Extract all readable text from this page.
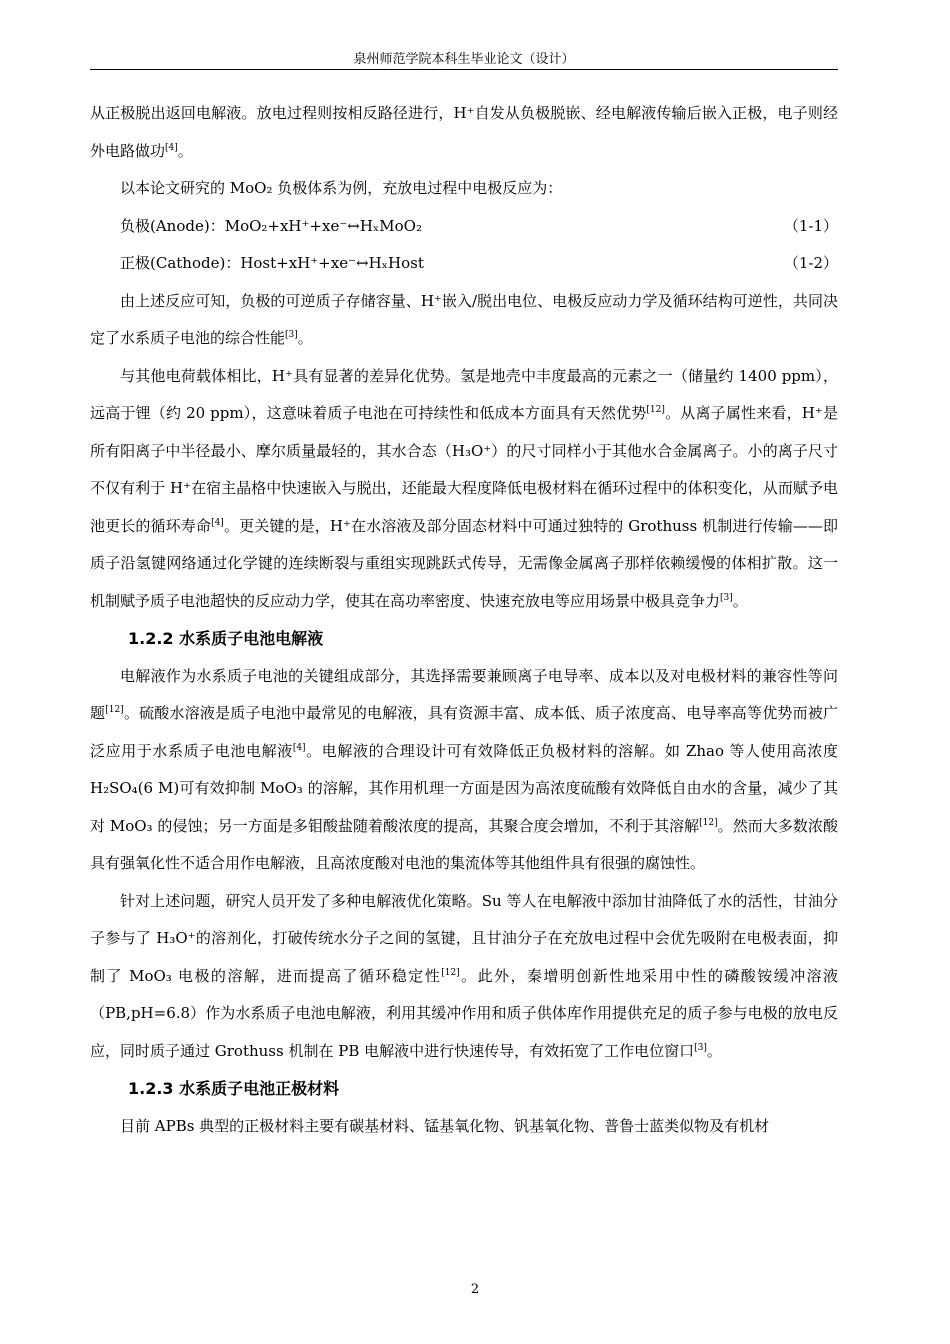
泉州师范学院本科生毕业论文（设计）

从正极脱出返回电解液。放电过程则按相反路径进行，H⁺自发从负极脱嵌、经电解液传输后嵌入正极，电子则经外电路做功[4]。

以本论文研究的 MoO₂ 负极体系为例，充放电过程中电极反应为：

负极(Anode)：MoO₂+xH⁺+xe⁻↔HₓMoO₂	（1-1）
正极(Cathode)：Host+xH⁺+xe⁻↔HₓHost	（1-2）

由上述反应可知，负极的可逆质子存储容量、H⁺嵌入/脱出电位、电极反应动力学及循环结构可逆性，共同决定了水系质子电池的综合性能[3]。

与其他电荷载体相比，H⁺具有显著的差异化优势。氢是地壳中丰度最高的元素之一（储量约 1400 ppm），远高于锂（约 20 ppm），这意味着质子电池在可持续性和低成本方面具有天然优势[12]。从离子属性来看，H⁺是所有阳离子中半径最小、摩尔质量最轻的，其水合态（H₃O⁺）的尺寸同样小于其他水合金属离子。小的离子尺寸不仅有利于 H⁺在宿主晶格中快速嵌入与脱出，还能最大程度降低电极材料在循环过程中的体积变化，从而赋予电池更长的循环寿命[4]。更关键的是，H⁺在水溶液及部分固态材料中可通过独特的 Grothuss 机制进行传输——即质子沿氢键网络通过化学键的连续断裂与重组实现跳跃式传导，无需像金属离子那样依赖缓慢的体相扩散。这一机制赋予质子电池超快的反应动力学，使其在高功率密度、快速充放电等应用场景中极具竞争力[3]。

1.2.2 水系质子电池电解液

电解液作为水系质子电池的关键组成部分，其选择需要兼顾离子电导率、成本以及对电极材料的兼容性等问题[12]。硫酸水溶液是质子电池中最常见的电解液，具有资源丰富、成本低、质子浓度高、电导率高等优势而被广泛应用于水系质子电池电解液[4]。电解液的合理设计可有效降低正负极材料的溶解。如 Zhao 等人使用高浓度 H₂SO₄(6 M)可有效抑制 MoO₃ 的溶解，其作用机理一方面是因为高浓度硫酸有效降低自由水的含量，减少了其对 MoO₃ 的侵蚀；另一方面是多钼酸盐随着酸浓度的提高，其聚合度会增加，不利于其溶解[12]。然而大多数浓酸具有强氧化性不适合用作电解液，且高浓度酸对电池的集流体等其他组件具有很强的腐蚀性。

针对上述问题，研究人员开发了多种电解液优化策略。Su 等人在电解液中添加甘油降低了水的活性，甘油分子参与了 H₃O⁺的溶剂化，打破传统水分子之间的氢键，且甘油分子在充放电过程中会优先吸附在电极表面，抑制了 MoO₃ 电极的溶解，进而提高了循环稳定性[12]。此外，秦增明创新性地采用中性的磷酸铵缓冲溶液（PB,pH=6.8）作为水系质子电池电解液，利用其缓冲作用和质子供体库作用提供充足的质子参与电极的放电反应，同时质子通过 Grothuss 机制在 PB 电解液中进行快速传导，有效拓宽了工作电位窗口[3]。

1.2.3 水系质子电池正极材料

目前 APBs 典型的正极材料主要有碳基材料、锰基氧化物、钒基氧化物、普鲁士蓝类似物及有机材

2
